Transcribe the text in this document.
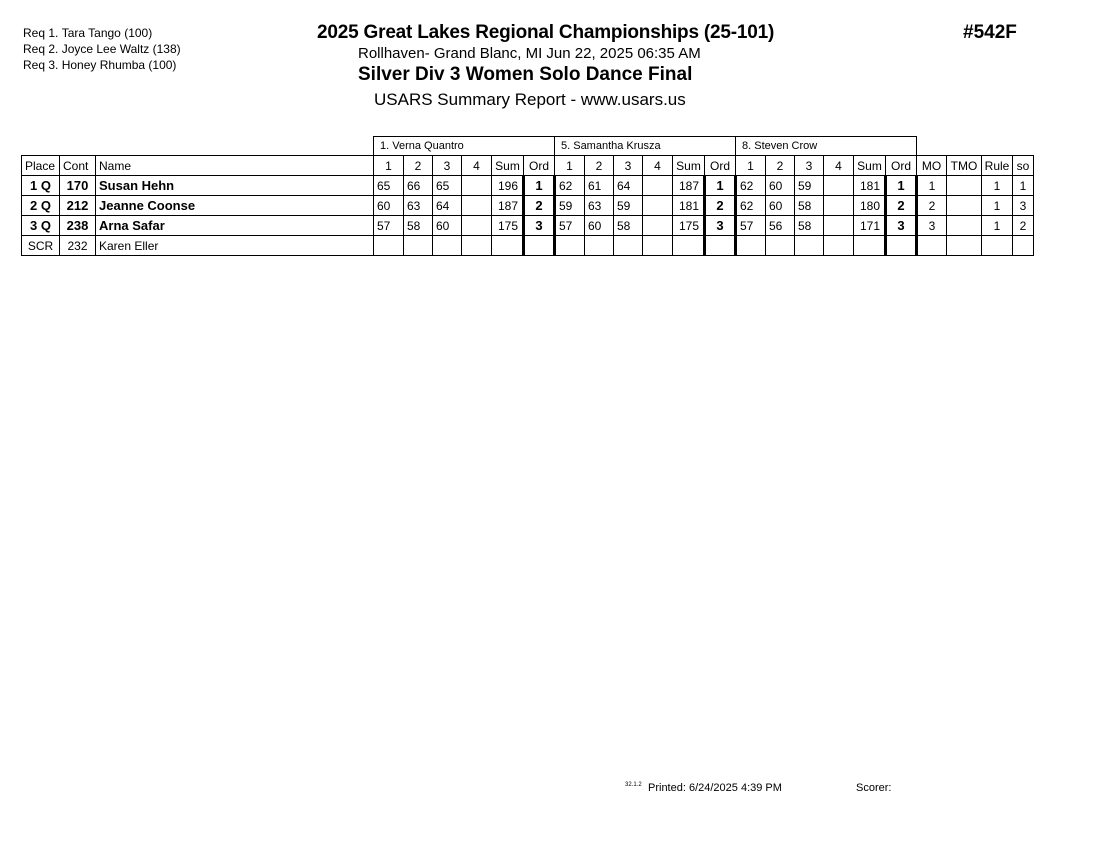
Req 1. Tara Tango (100)
Req 2. Joyce Lee Waltz (138)
Req 3. Honey Rhumba (100)
2025 Great Lakes Regional Championships (25-101)	#542F
Rollhaven- Grand Blanc, MI Jun 22, 2025 06:35 AM
Silver Div 3 Women Solo Dance Final
USARS Summary Report - www.usars.us
			1. Verna Quantro						5. Samantha Krusza						8. Steven Crow									
Place	Cont	Name	1	2	3	4	Sum	Ord	1	2	3	4	Sum	Ord	1	2	3	4	Sum	Ord	MO	TMO	Rule	so
1 Q	170	Susan Hehn	65	66	65		196	1	62	61	64		187	1	62	60	59		181	1	1		1	1
2 Q	212	Jeanne Coonse	60	63	64		187	2	59	63	59		181	2	62	60	58		180	2	2		1	3
3 Q	238	Arna Safar	57	58	60		175	3	57	60	58		175	3	57	56	58		171	3	3		1	2
SCR	232	Karen Eller																						
32.1.2 Printed: 6/24/2025 4:39 PM	Scorer:
